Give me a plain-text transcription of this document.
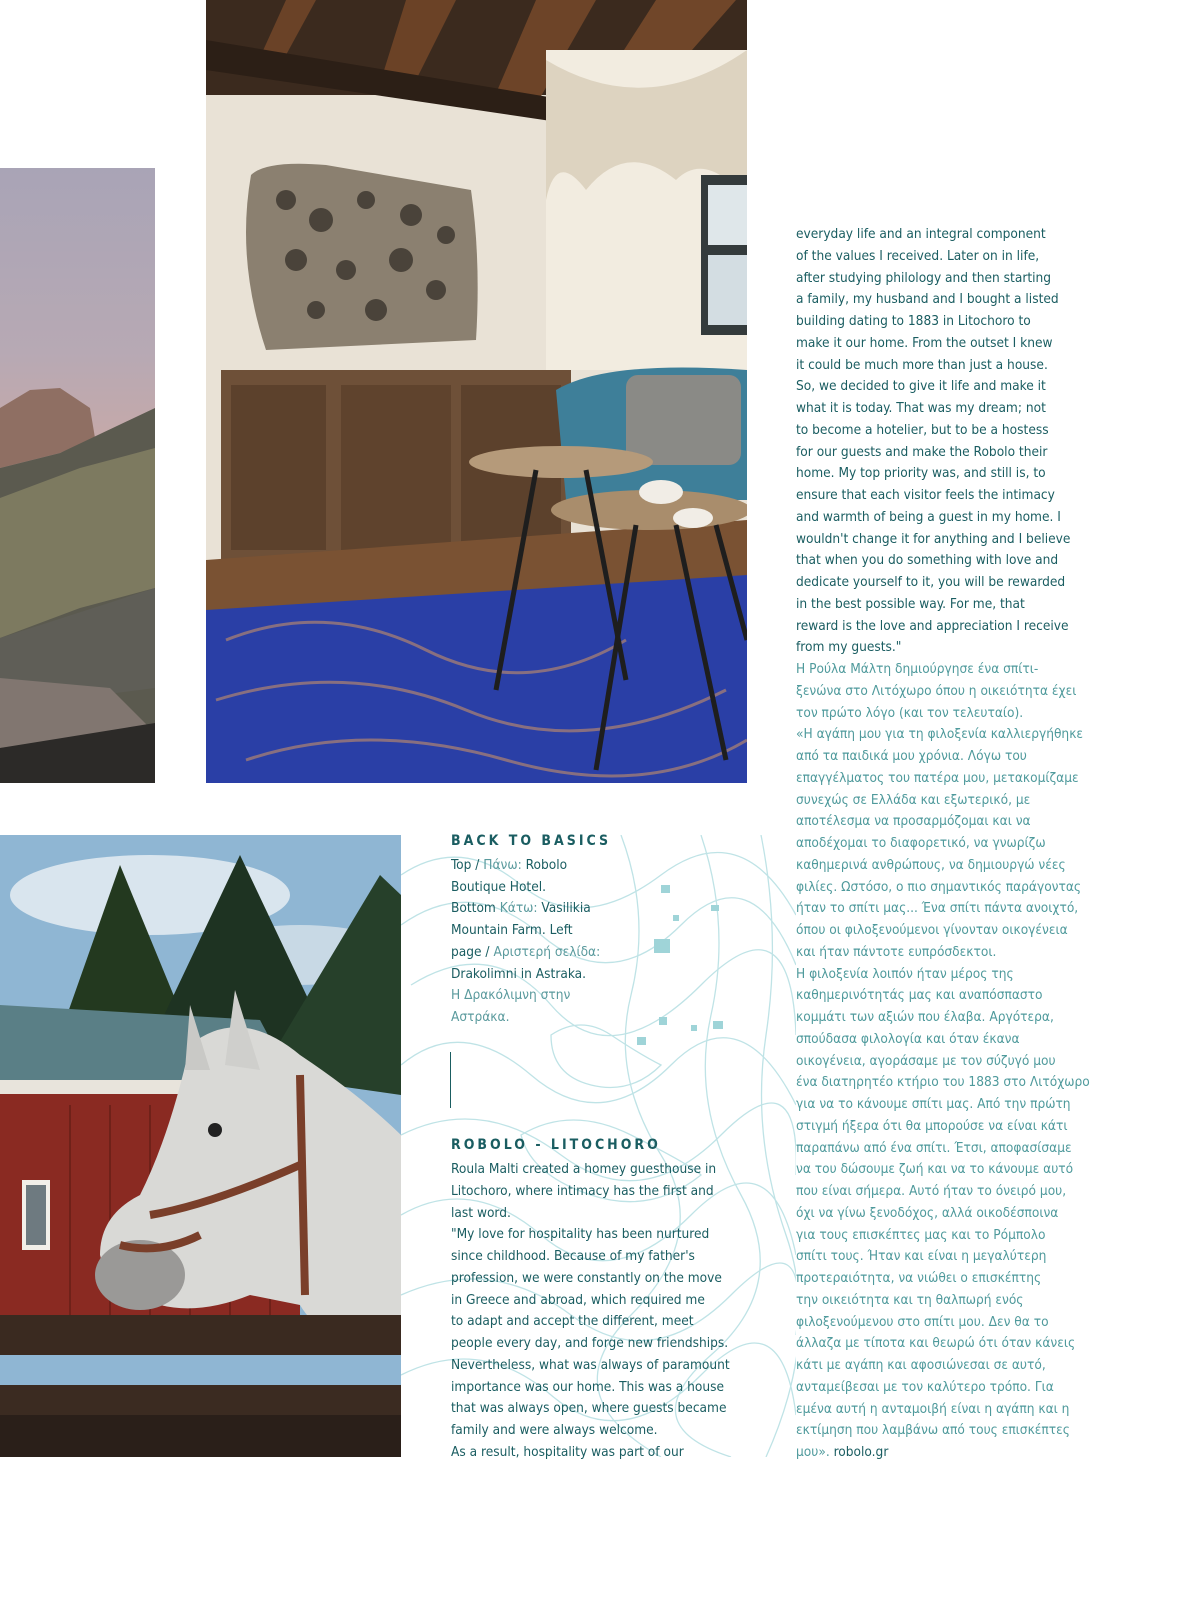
BACK TO BASICS
Top / Πάνω: Robolo
Boutique Hotel.
Bottom Κάτω: Vasilikia
Mountain Farm. Left
page / Αριστερή σελίδα:
Drakolimni in Astraka.
Η Δρακόλιμνη στην
Αστράκα.
ROBOLO - LITOCHORO

Roula Malti created a homey guesthouse in

Litochoro, where intimacy has the first and

last word.

"My love for hospitality has been nurtured

since childhood. Because of my father's

profession, we were constantly on the move

in Greece and abroad, which required me

to adapt and accept the different, meet

people every day, and forge new friendships.

Nevertheless, what was always of paramount

importance was our home. This was a house

that was always open, where guests became

family and were always welcome.

As a result, hospitality was part of our

everyday life and an integral component

of the values I received. Later on in life,

after studying philology and then starting

a family, my husband and I bought a listed

building dating to 1883 in Litochoro to

make it our home. From the outset I knew

it could be much more than just a house.

So, we decided to give it life and make it

what it is today. That was my dream; not

to become a hotelier, but to be a hostess

for our guests and make the Robolo their

home. My top priority was, and still is, to

ensure that each visitor feels the intimacy

and warmth of being a guest in my home. I

wouldn't change it for anything and I believe

that when you do something with love and

dedicate yourself to it, you will be rewarded

in the best possible way. For me, that

reward is the love and appreciation I receive

from my guests."

Η Ρούλα Μάλτη δημιούργησε ένα σπίτι-

ξενώνα στο Λιτόχωρο όπου η οικειότητα έχει

τον πρώτο λόγο (και τον τελευταίο).

«Η αγάπη μου για τη φιλοξενία καλλιεργήθηκε

από τα παιδικά μου χρόνια. Λόγω του

επαγγέλματος του πατέρα μου, μετακομίζαμε

συνεχώς σε Ελλάδα και εξωτερικό, με

αποτέλεσμα να προσαρμόζομαι και να

αποδέχομαι το διαφορετικό, να γνωρίζω

καθημερινά ανθρώπους, να δημιουργώ νέες

φιλίες. Ωστόσο, ο πιο σημαντικός παράγοντας

ήταν το σπίτι μας... Ένα σπίτι πάντα ανοιχτό,

όπου οι φιλοξενούμενοι γίνονταν οικογένεια

και ήταν πάντοτε ευπρόσδεκτοι.

Η φιλοξενία λοιπόν ήταν μέρος της

καθημερινότητάς μας και αναπόσπαστο

κομμάτι των αξιών που έλαβα. Αργότερα,

σπούδασα φιλολογία και όταν έκανα

οικογένεια, αγοράσαμε με τον σύζυγό μου

ένα διατηρητέο κτήριο του 1883 στο Λιτόχωρο

για να το κάνουμε σπίτι μας. Από την πρώτη

στιγμή ήξερα ότι θα μπορούσε να είναι κάτι

παραπάνω από ένα σπίτι. Έτσι, αποφασίσαμε

να του δώσουμε ζωή και να το κάνουμε αυτό

που είναι σήμερα. Αυτό ήταν το όνειρό μου,

όχι να γίνω ξενοδόχος, αλλά οικοδέσποινα

για τους επισκέπτες μας και το Ρόμπολο

σπίτι τους. Ήταν και είναι η μεγαλύτερη

προτεραιότητα, να νιώθει ο επισκέπτης

την οικειότητα και τη θαλπωρή ενός

φιλοξενούμενου στο σπίτι μου. Δεν θα το

άλλαζα με τίποτα και θεωρώ ότι όταν κάνεις

κάτι με αγάπη και αφοσιώνεσαι σε αυτό,

ανταμείβεσαι με τον καλύτερο τρόπο. Για

εμένα αυτή η ανταμοιβή είναι η αγάπη και η

εκτίμηση που λαμβάνω από τους επισκέπτες

μου». robolo.gr
